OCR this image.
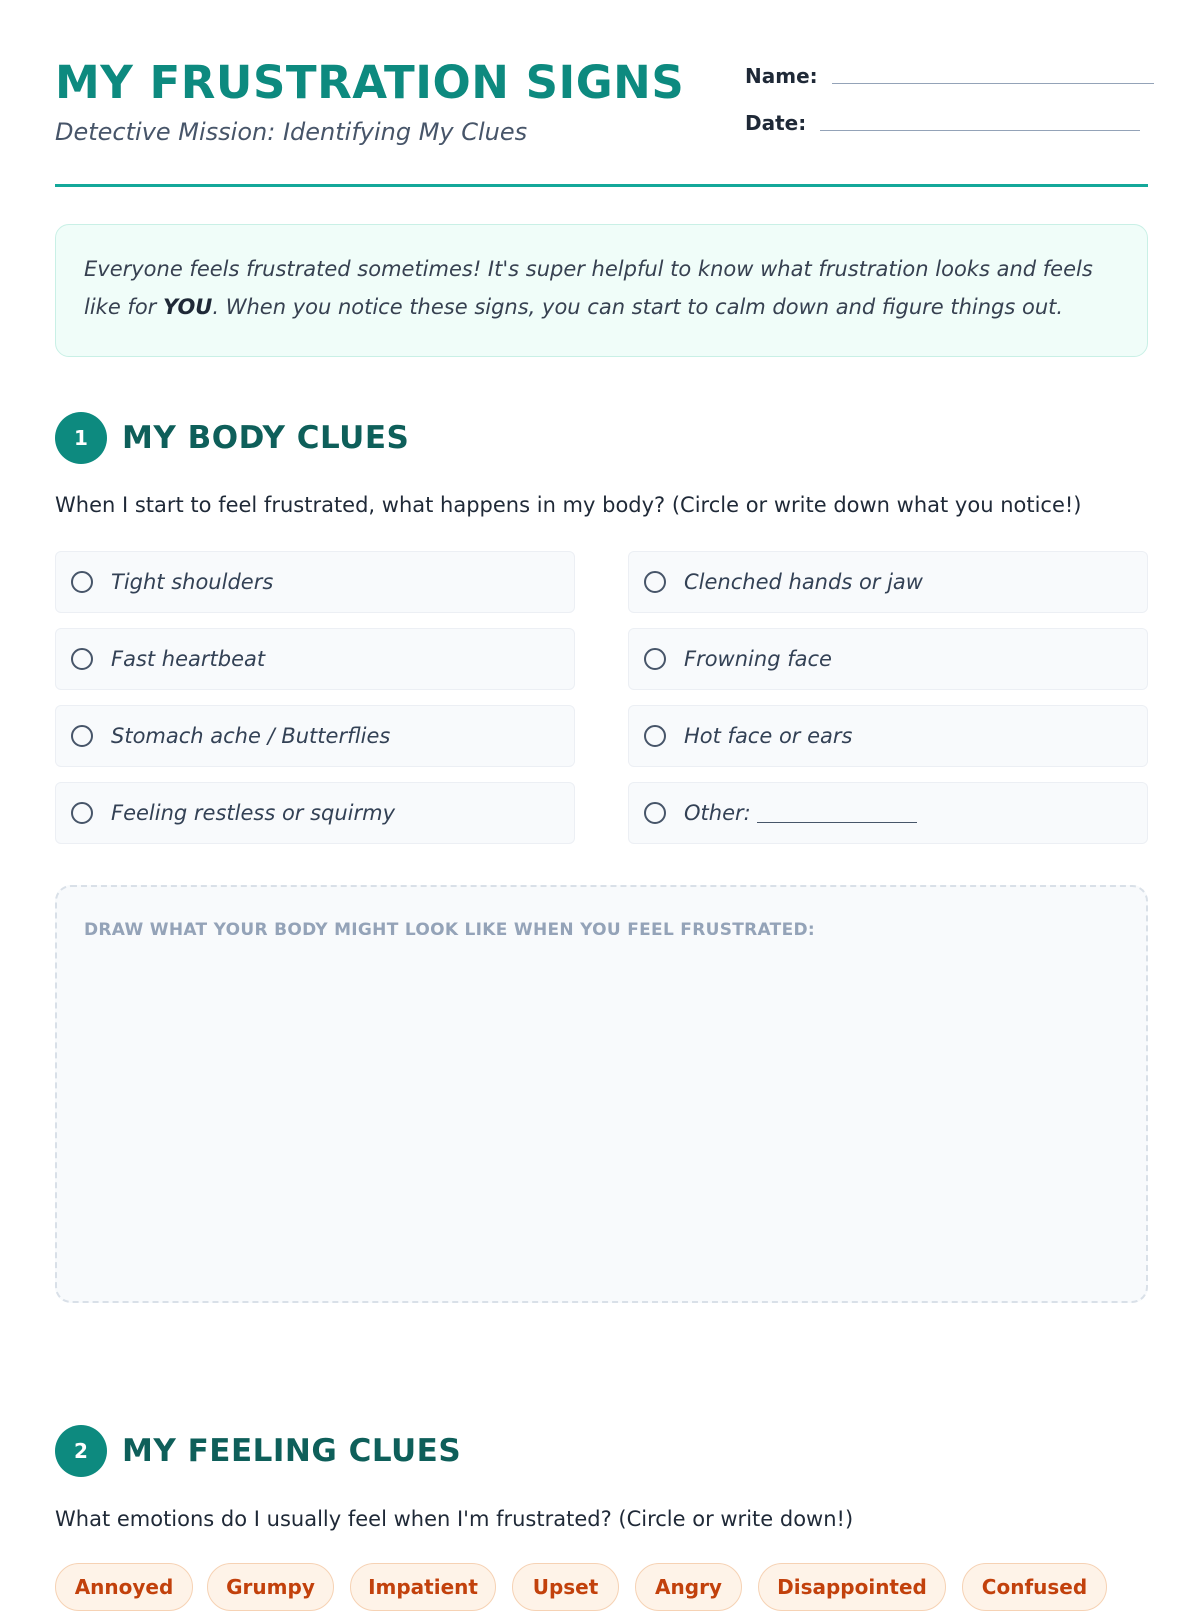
MY FRUSTRATION SIGNS
Detective Mission: Identifying My Clues
Name:
Date:

Everyone feels frustrated sometimes! It's super helpful to know what frustration looks and feels like for YOU. When you notice these signs, you can start to calm down and figure things out.

1	MY BODY CLUES

When I start to feel frustrated, what happens in my body? (Circle or write down what you notice!)

Tight shoulders	Clenched hands or jaw
Fast heartbeat	Frowning face
Stomach ache / Butterflies	Hot face or ears
Feeling restless or squirmy	Other:
DRAW WHAT YOUR BODY MIGHT LOOK LIKE WHEN YOU FEEL FRUSTRATED:
2	MY FEELING CLUES

What emotions do I usually feel when I'm frustrated? (Circle or write down!)

Annoyed	Grumpy	Impatient	Upset	Angry	Disappointed	Confused
